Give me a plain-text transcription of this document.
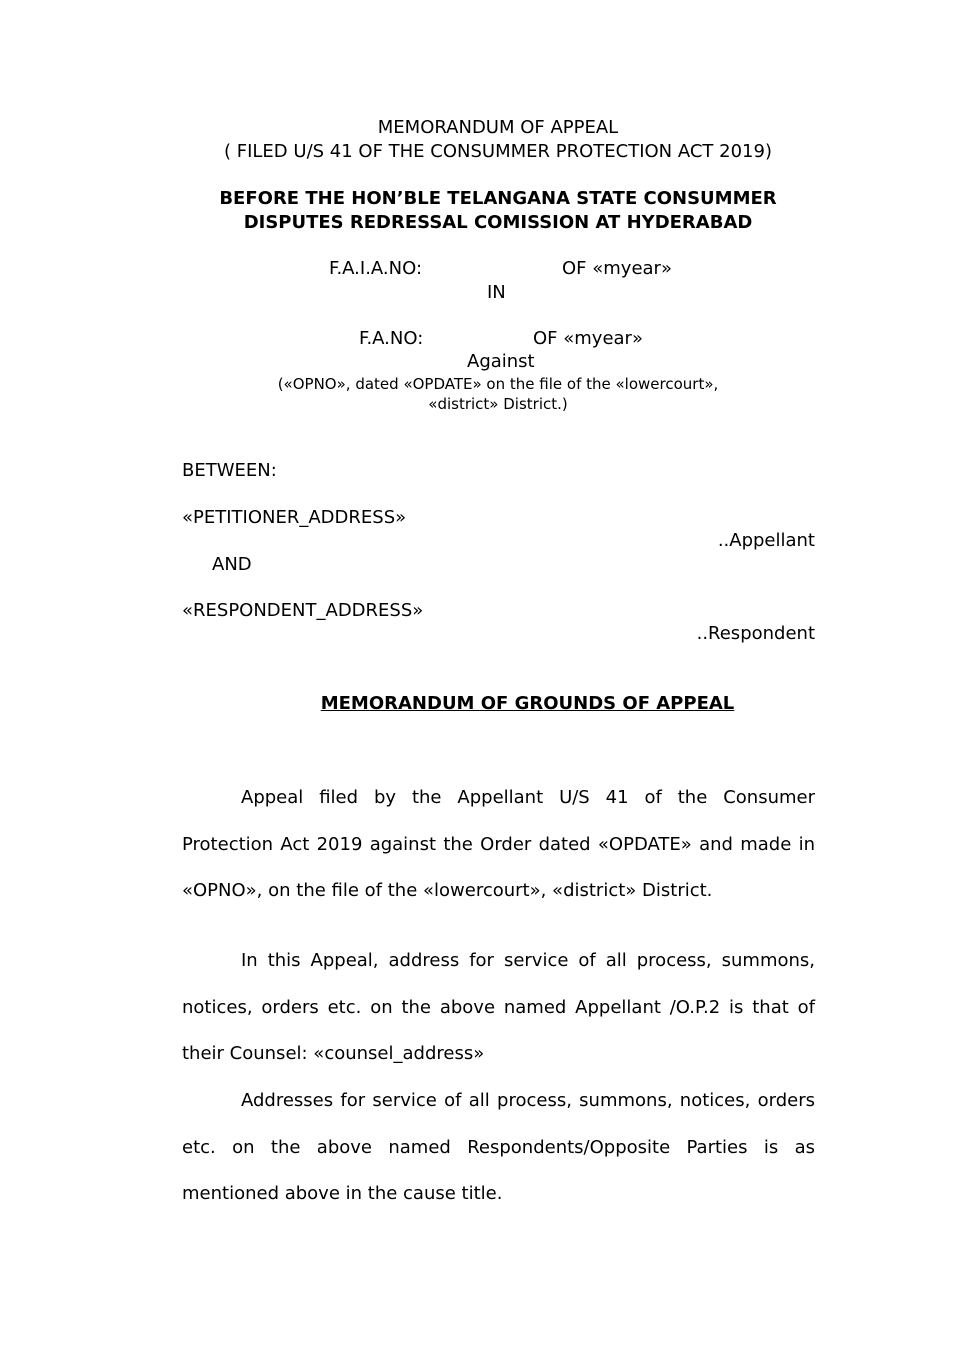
MEMORANDUM OF APPEAL
( FILED U/S 41 OF THE CONSUMMER PROTECTION ACT 2019)
BEFORE THE HON’BLE TELANGANA STATE CONSUMMER
DISPUTES REDRESSAL COMISSION AT HYDERABAD
F.A.I.A.NO:	OF «myear»
IN
F.A.NO:	OF «myear»
Against
(«OPNO», dated «OPDATE» on the file of the «lowercourt»,
«district» District.)
BETWEEN:
«PETITIONER_ADDRESS»
..Appellant
AND
«RESPONDENT_ADDRESS»
..Respondent
MEMORANDUM OF GROUNDS OF APPEAL
Appeal filed by the Appellant U/S 41 of the Consumer Protection Act 2019 against the Order dated «OPDATE» and made in «OPNO», on the file of the «lowercourt», «district» District.
In this Appeal, address for service of all process, summons, notices, orders etc. on the above named Appellant /O.P.2 is that of their Counsel: «counsel_address»
Addresses for service of all process, summons, notices, orders etc. on the above named Respondents/Opposite Parties is as mentioned above in the cause title.
